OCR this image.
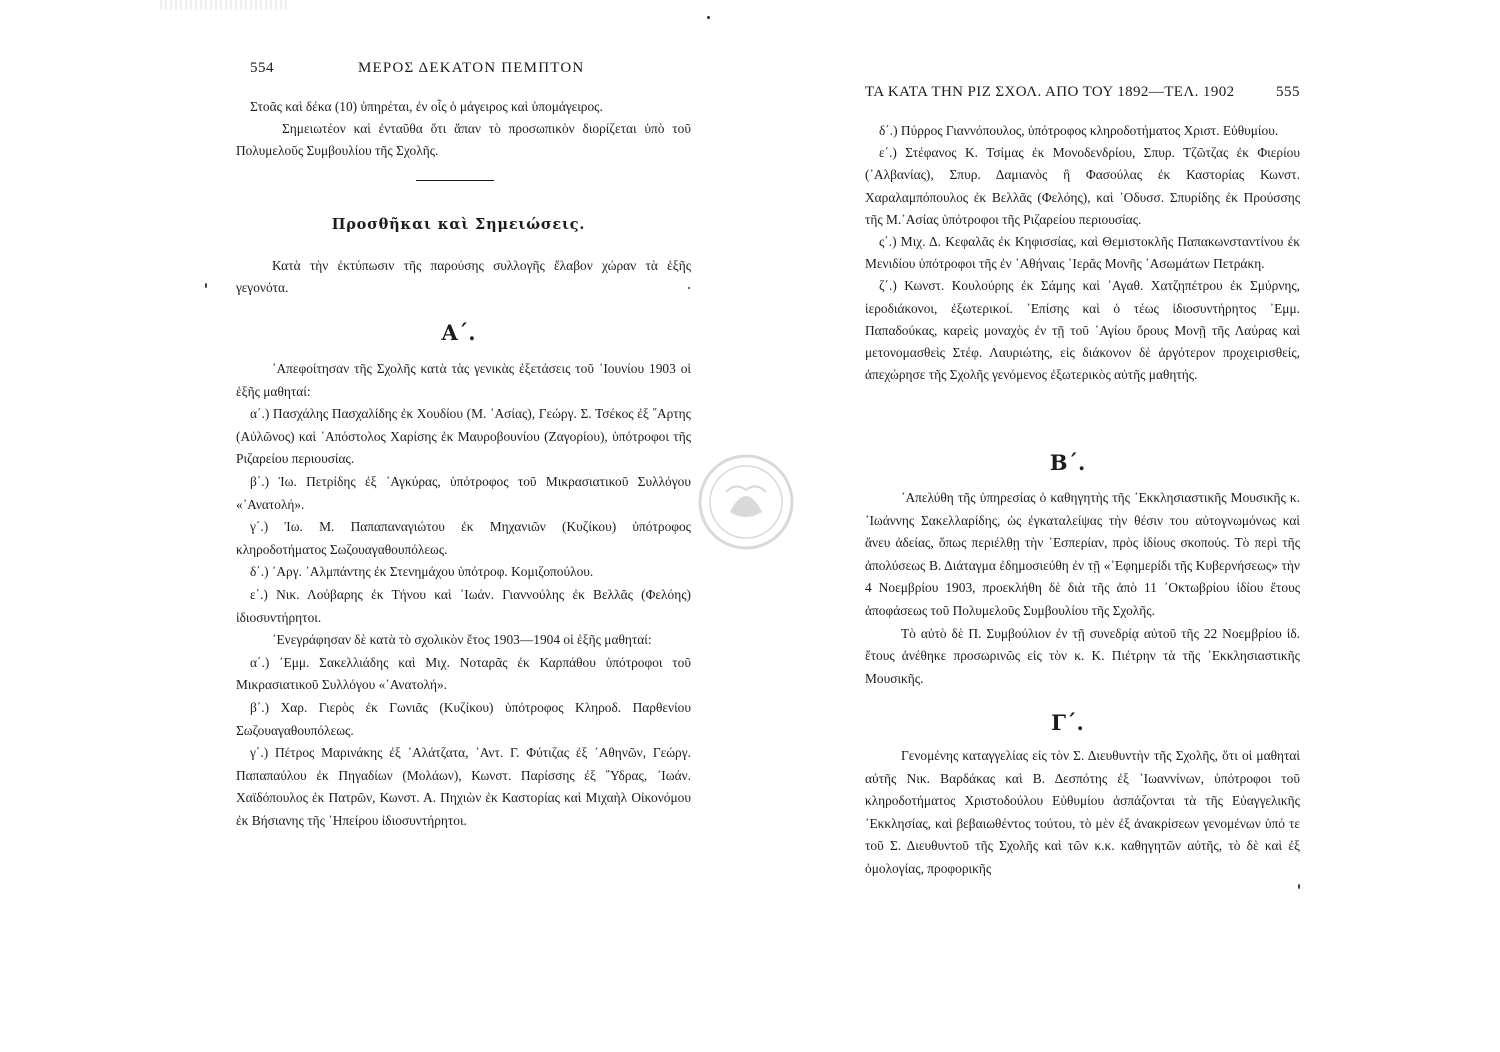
554	ΜΕΡΟΣ ΔΕΚΑΤΟΝ ΠΕΜΠΤΟΝ

Στοᾶς καὶ δέκα (10) ὑπηρέται, ἐν οἷς ὁ μάγειρος καὶ ὑπομάγειρος.

Σημειωτέον καὶ ἐνταῦθα ὅτι ἅπαν τὸ προσωπικὸν διορίζεται ὑπὸ τοῦ Πολυμελοῦς Συμβουλίου τῆς Σχολῆς.

Προσθῆκαι καὶ Σημειώσεις.

Κατὰ τὴν ἐκτύπωσιν τῆς παρούσης συλλογῆς ἔλαβον χώραν τὰ ἑξῆς γεγονότα.

Α΄.

᾿Απεφοίτησαν τῆς Σχολῆς κατὰ τὰς γενικὰς ἐξετάσεις τοῦ ᾿Ιουνίου 1903 οἱ ἑξῆς μαθηταί:

α΄.) Πασχάλης Πασχαλίδης ἐκ Χουδίου (Μ. ᾿Ασίας), Γεώργ. Σ. Τσέκος ἐξ ῎Αρτης (Αὐλῶνος) καὶ ᾿Απόστολος Χαρίσης ἐκ Μαυροβουνίου (Ζαγορίου), ὑπότροφοι τῆς Ριζαρείου περιουσίας.

β΄.) Ἰω. Πετρίδης ἐξ ᾿Αγκύρας, ὑπότροφος τοῦ Μικρασιατικοῦ Συλλόγου «᾿Ανατολή».

γ΄.) Ἰω. Μ. Παπαπαναγιώτου ἐκ Μηχανιῶν (Κυζίκου) ὑπότροφος κληροδοτήματος Σωζουαγαθουπόλεως.

δ΄.) ᾿Αργ. ᾿Αλμπάντης ἐκ Στενημάχου ὑπότροφ. Κομιζοπούλου.

ε΄.) Νικ. Λούβαρης ἐκ Τήνου καὶ ᾿Ιωάν. Γιαννούλης ἐκ Βελλᾶς (Φελόης) ἰδιοσυντήρητοι.

᾿Ενεγράφησαν δὲ κατὰ τὸ σχολικὸν ἔτος 1903—1904 οἱ ἑξῆς μαθηταί:

α΄.) ᾿Εμμ. Σακελλιάδης καὶ Μιχ. Νοταρᾶς ἐκ Καρπάθου ὑπότροφοι τοῦ Μικρασιατικοῦ Συλλόγου «᾿Ανατολή».

β΄.) Χαρ. Γιερὸς ἐκ Γωνιᾶς (Κυζίκου) ὑπότροφος Κληροδ. Παρθενίου Σωζουαγαθουπόλεως.

γ΄.) Πέτρος Μαρινάκης ἐξ ᾿Αλάτζατα, ᾿Αντ. Γ. Φύτιζας ἐξ ᾿Αθηνῶν, Γεώργ. Παπαπαύλου ἐκ Πηγαδίων (Μολάων), Κωνστ. Παρίσσης ἐξ ῞Υδρας, ᾿Ιωάν. Χαϊδόπουλος ἐκ Πατρῶν, Κωνστ. Α. Πηχιὼν ἐκ Καστορίας καὶ Μιχαὴλ Οἰκονόμου ἐκ Βήσιανης τῆς ᾿Ηπείρου ἰδιοσυντήρητοι.

ΤΑ ΚΑΤΑ ΤΗΝ ΡΙΖ ΣΧΟΛ. ΑΠΟ ΤΟΥ 1892—ΤΕΛ. 1902	555

δ΄.) Πύρρος Γιαννόπουλος, ὑπότροφος κληροδοτήματος Χριστ. Εὐθυμίου.

ε΄.) Στέφανος Κ. Τσίμας ἐκ Μονοδενδρίου, Σπυρ. Τζῶτζας ἐκ Φιερίου (᾿Αλβανίας), Σπυρ. Δαμιανὸς ἢ Φασούλας ἐκ Καστορίας Κωνστ. Χαραλαμπόπουλος ἐκ Βελλᾶς (Φελόης), καὶ ᾿Οδυσσ. Σπυρίδης ἐκ Προύσσης τῆς Μ.᾿Ασίας ὑπότροφοι τῆς Ριζαρείου περιουσίας.

ς΄.) Μιχ. Δ. Κεφαλᾶς ἐκ Κηφισσίας, καὶ Θεμιστοκλῆς Παπακωνσταντίνου ἐκ Μενιδίου ὑπότροφοι τῆς ἐν ᾿Αθήναις ῾Ιερᾶς Μονῆς ᾿Ασωμάτων Πετράκη.

ζ΄.) Κωνστ. Κουλούρης ἐκ Σάμης καὶ ᾿Αγαθ. Χατζηπέτρου ἐκ Σμύρνης, ἱεροδιάκονοι, ἐξωτερικοί. ᾿Επίσης καὶ ὁ τέως ἰδιοσυντήρητος ᾿Εμμ. Παπαδούκας, καρεὶς μοναχὸς ἐν τῇ τοῦ ῾Αγίου ὄρους Μονῇ τῆς Λαύρας καὶ μετονομασθεὶς Στέφ. Λαυριώτης, εἰς διάκονον δὲ ἀργότερον προχειρισθείς, ἀπεχώρησε τῆς Σχολῆς γενόμενος ἐξωτερικὸς αὐτῆς μαθητής.

Β΄.

᾿Απελύθη τῆς ὑπηρεσίας ὁ καθηγητὴς τῆς ᾿Εκκλησιαστικῆς Μουσικῆς κ. ᾿Ιωάννης Σακελλαρίδης, ὡς ἐγκαταλείψας τὴν θέσιν του αὐτογνωμόνως καὶ ἄνευ ἀδείας, ὅπως περιέλθῃ τὴν ῾Εσπερίαν, πρὸς ἰδίους σκοπούς. Τὸ περὶ τῆς ἀπολύσεως Β. Διάταγμα ἐδημοσιεύθη ἐν τῇ «᾿Εφημερίδι τῆς Κυβερνήσεως» τὴν 4 Νοεμβρίου 1903, προεκλήθη δὲ διὰ τῆς ἀπὸ 11 ᾿Οκτωβρίου ἰδίου ἔτους ἀποφάσεως τοῦ Πολυμελοῦς Συμβουλίου τῆς Σχολῆς.

Τὸ αὐτὸ δὲ Π. Συμβούλιον ἐν τῇ συνεδρίᾳ αὐτοῦ τῆς 22 Νοεμβρίου ἰδ. ἔτους ἀνέθηκε προσωρινῶς εἰς τὸν κ. Κ. Πιέτρην τὰ τῆς ᾿Εκκλησιαστικῆς Μουσικῆς.

Γ΄.

Γενομένης καταγγελίας εἰς τὸν Σ. Διευθυντὴν τῆς Σχολῆς, ὅτι οἱ μαθηταὶ αὐτῆς Νικ. Βαρδάκας καὶ Β. Δεσπότης ἐξ ᾿Ιωαννίνων, ὑπότροφοι τοῦ κληροδοτήματος Χριστοδούλου Εὐθυμίου ἀσπάζονται τὰ τῆς Εὐαγγελικῆς ᾿Εκκλησίας, καὶ βεβαιωθέντος τούτου, τὸ μὲν ἐξ ἀνακρίσεων γενομένων ὑπό τε τοῦ Σ. Διευθυντοῦ τῆς Σχολῆς καὶ τῶν κ.κ. καθηγητῶν αὐτῆς, τὸ δὲ καὶ ἐξ ὁμολογίας, προφορικῆς
